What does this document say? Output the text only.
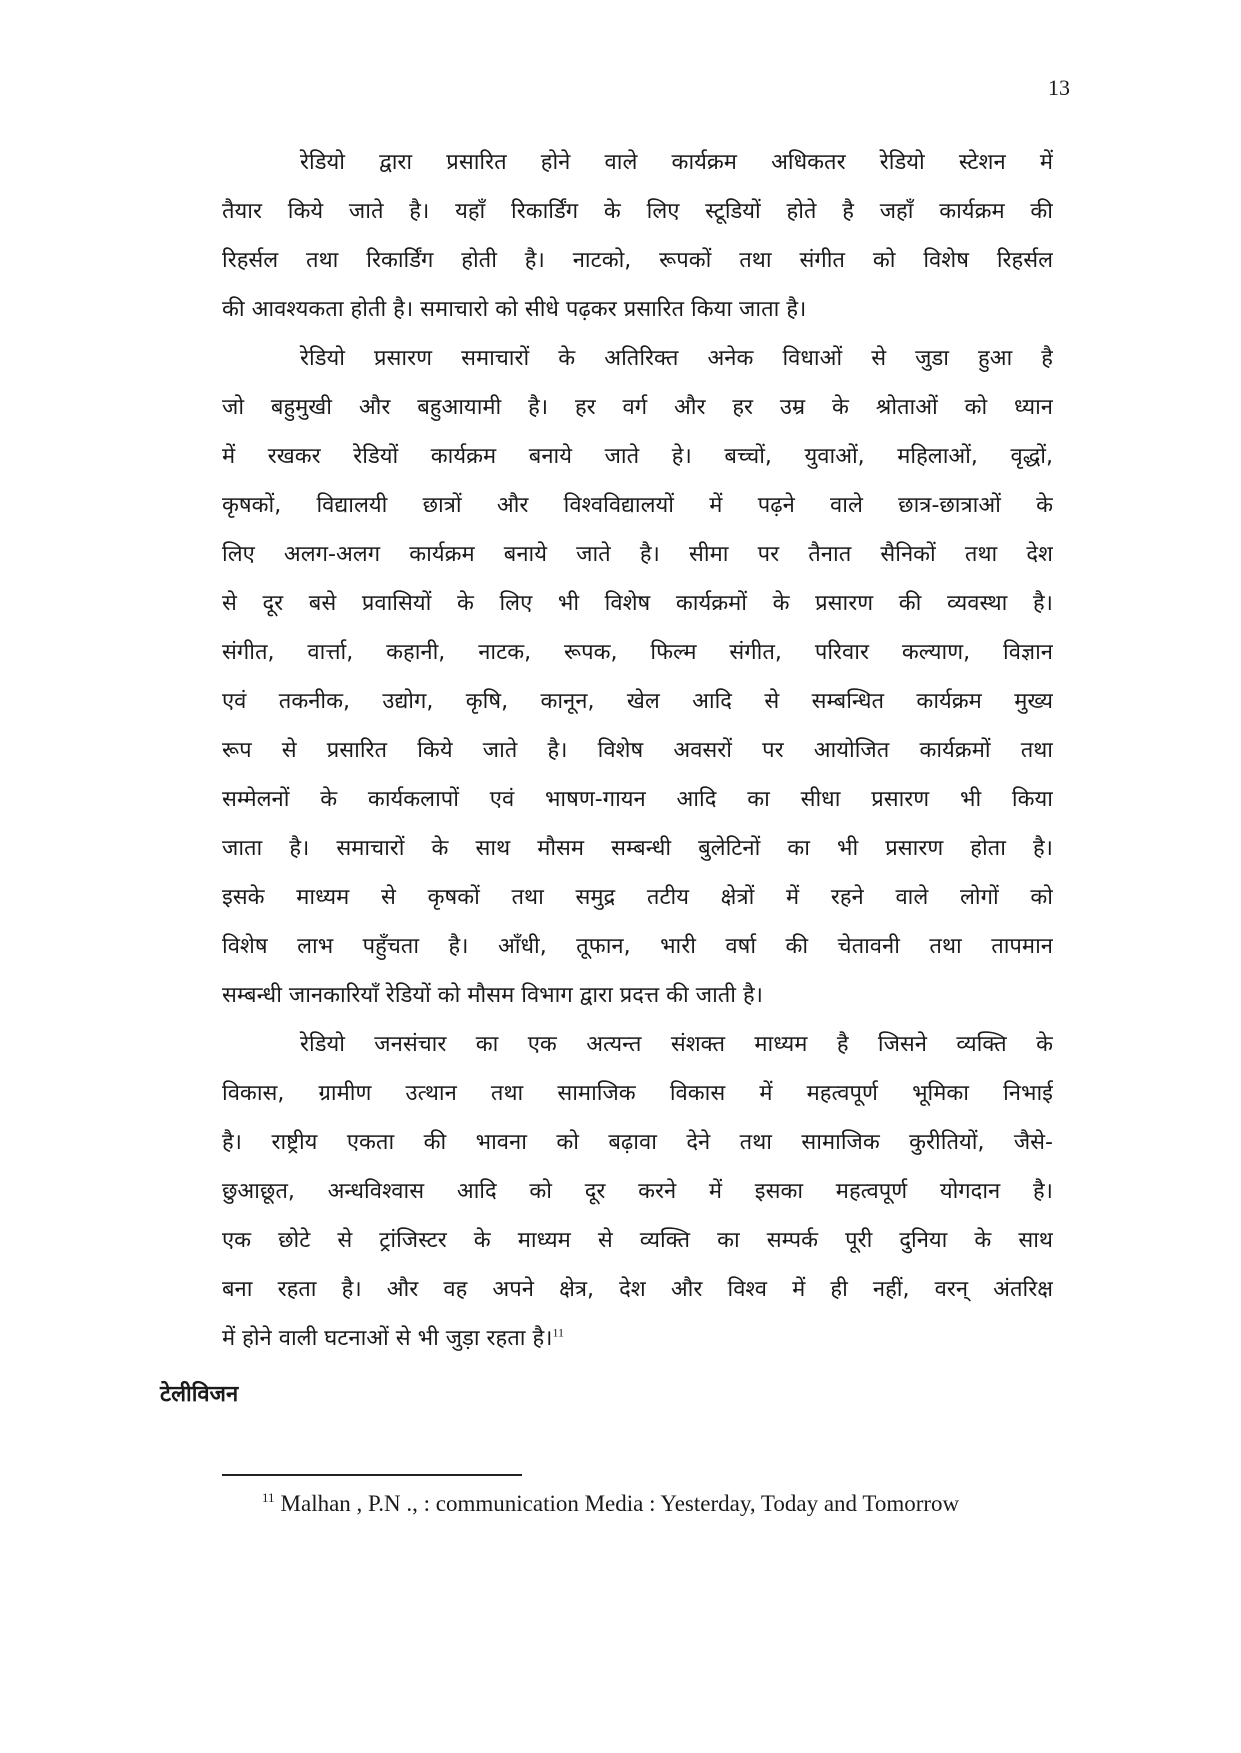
13
रेडियो द्वारा प्रसारित होने वाले कार्यक्रम अधिकतर रेडियो स्टेशन में
तैयार किये जाते है। यहॉं रिकार्डिंग के लिए स्टूडियों होते है जहॉं कार्यक्रम की
रिहर्सल तथा रिकार्डिंग होती है। नाटको, रूपकों तथा संगीत को विशेष रिहर्सल
की आवश्यकता होती है। समाचारो को सीधे पढ़कर प्रसारित किया जाता है।
रेडियो प्रसारण समाचारों के अतिरिक्त अनेक विधाओं से जुडा हुआ है
जो बहुमुखी और बहुआयामी है। हर वर्ग और हर उम्र के श्रोताओं को ध्यान
में रखकर रेडियों कार्यक्रम बनाये जाते हे। बच्चों, युवाओं, महिलाओं, वृद्धों,
कृषकों, विद्यालयी छात्रों और विश्वविद्यालयों में पढ़ने वाले छात्र-छात्राओं के
लिए अलग-अलग कार्यक्रम बनाये जाते है। सीमा पर तैनात सैनिकों तथा देश
से दूर बसे प्रवासियों के लिए भी विशेष कार्यक्रमों के प्रसारण की व्यवस्था है।
संगीत, वार्त्ता, कहानी, नाटक, रूपक, फिल्म संगीत, परिवार कल्याण, विज्ञान
एवं तकनीक, उद्योग, कृषि, कानून, खेल आदि से सम्बन्धित कार्यक्रम मुख्य
रूप से प्रसारित किये जाते है। विशेष अवसरों पर आयोजित कार्यक्रमों तथा
सम्मेलनों के कार्यकलापों एवं भाषण-गायन आदि का सीधा प्रसारण भी किया
जाता है। समाचारों के साथ मौसम सम्बन्धी बुलेटिनों का भी प्रसारण होता है।
इसके माध्यम से कृषकों तथा समुद्र तटीय क्षेत्रों में रहने वाले लोगों को
विशेष लाभ पहुँचता है। ऑंधी, तूफान, भारी वर्षा की चेतावनी तथा तापमान
सम्बन्धी जानकारियॉं रेडियों को मौसम विभाग द्वारा प्रदत्त की जाती है।
रेडियो जनसंचार का एक अत्यन्त संशक्त माध्यम है जिसने व्यक्ति के
विकास, ग्रामीण उत्थान तथा सामाजिक विकास में महत्वपूर्ण भूमिका निभाई
है। राष्ट्रीय एकता की भावना को बढ़ावा देने तथा सामाजिक कुरीतियों, जैसे-
छुआछूत, अन्धविश्वास आदि को दूर करने में इसका महत्वपूर्ण योगदान है।
एक छोटे से ट्रांजिस्टर के माध्यम से व्यक्ति का सम्पर्क पूरी दुनिया के साथ
बना रहता है। और वह अपने क्षेत्र, देश और विश्व में ही नहीं, वरन् अंतरिक्ष
में होने वाली घटनाओं से भी जुड़ा रहता है।$^{11}$
टेलीविजन
$^{11}$ Malhan , P.N ., : communication Media : Yesterday, Today and Tomorrow
